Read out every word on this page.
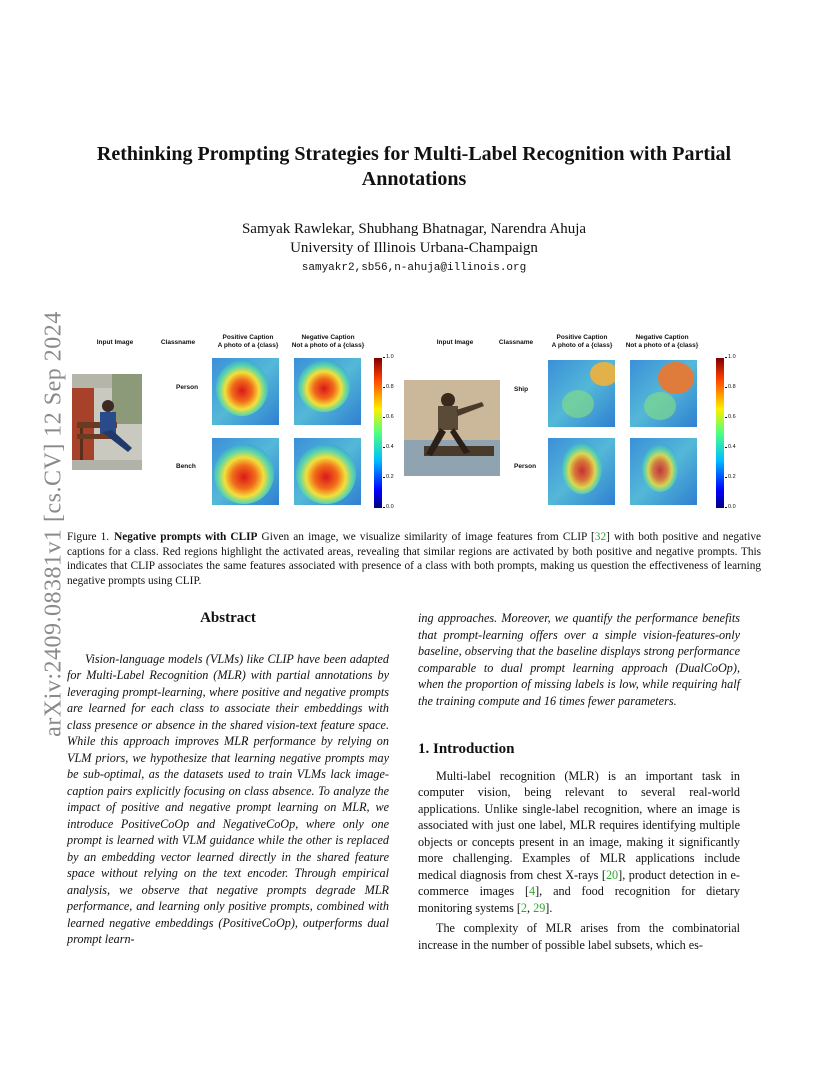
arXiv:2409.08381v1 [cs.CV] 12 Sep 2024
Rethinking Prompting Strategies for Multi-Label Recognition with Partial
Annotations
Samyak Rawlekar, Shubhang Bhatnagar, Narendra Ahuja
University of Illinois Urbana-Champaign
samyakr2,sb56,n-ahuja@illinois.org
Input Image	Classname
Positive Caption
A photo of a {class}
Negative Caption
Not a photo of a {class}
Person
Bench
1.0
0.8
0.6
0.4
0.2
0.0
Input Image	Classname
Positive Caption
A photo of a {class}
Negative Caption
Not a photo of a {class}
Ship
Person
1.0
0.8
0.6
0.4
0.2
0.0
Figure 1. Negative prompts with CLIP Given an image, we visualize similarity of image features from CLIP [32] with both positive and negative captions for a class. Red regions highlight the activated areas, revealing that similar regions are activated by both positive and negative prompts. This indicates that CLIP associates the same features associated with presence of a class with both prompts, making us question the effectiveness of learning negative prompts using CLIP.
Abstract

Vision-language models (VLMs) like CLIP have been adapted for Multi-Label Recognition (MLR) with partial annotations by leveraging prompt-learning, where positive and negative prompts are learned for each class to associate their embeddings with class presence or absence in the shared vision-text feature space. While this approach improves MLR performance by relying on VLM priors, we hypothesize that learning negative prompts may be sub-optimal, as the datasets used to train VLMs lack image-caption pairs explicitly focusing on class absence. To analyze the impact of positive and negative prompt learning on MLR, we introduce PositiveCoOp and NegativeCoOp, where only one prompt is learned with VLM guidance while the other is replaced by an embedding vector learned directly in the shared feature space without relying on the text encoder. Through empirical analysis, we observe that negative prompts degrade MLR performance, and learning only positive prompts, combined with learned negative embeddings (PositiveCoOp), outperforms dual prompt learn-

ing approaches. Moreover, we quantify the performance benefits that prompt-learning offers over a simple vision-features-only baseline, observing that the baseline displays strong performance comparable to dual prompt learning approach (DualCoOp), when the proportion of missing labels is low, while requiring half the training compute and 16 times fewer parameters.

1. Introduction

Multi-label recognition (MLR) is an important task in computer vision, being relevant to several real-world applications. Unlike single-label recognition, where an image is associated with just one label, MLR requires identifying multiple objects or concepts present in an image, making it significantly more challenging. Examples of MLR applications include medical diagnosis from chest X-rays [20], product detection in e-commerce images [4], and food recognition for dietary monitoring systems [2, 29].

The complexity of MLR arises from the combinatorial increase in the number of possible label subsets, which es-
